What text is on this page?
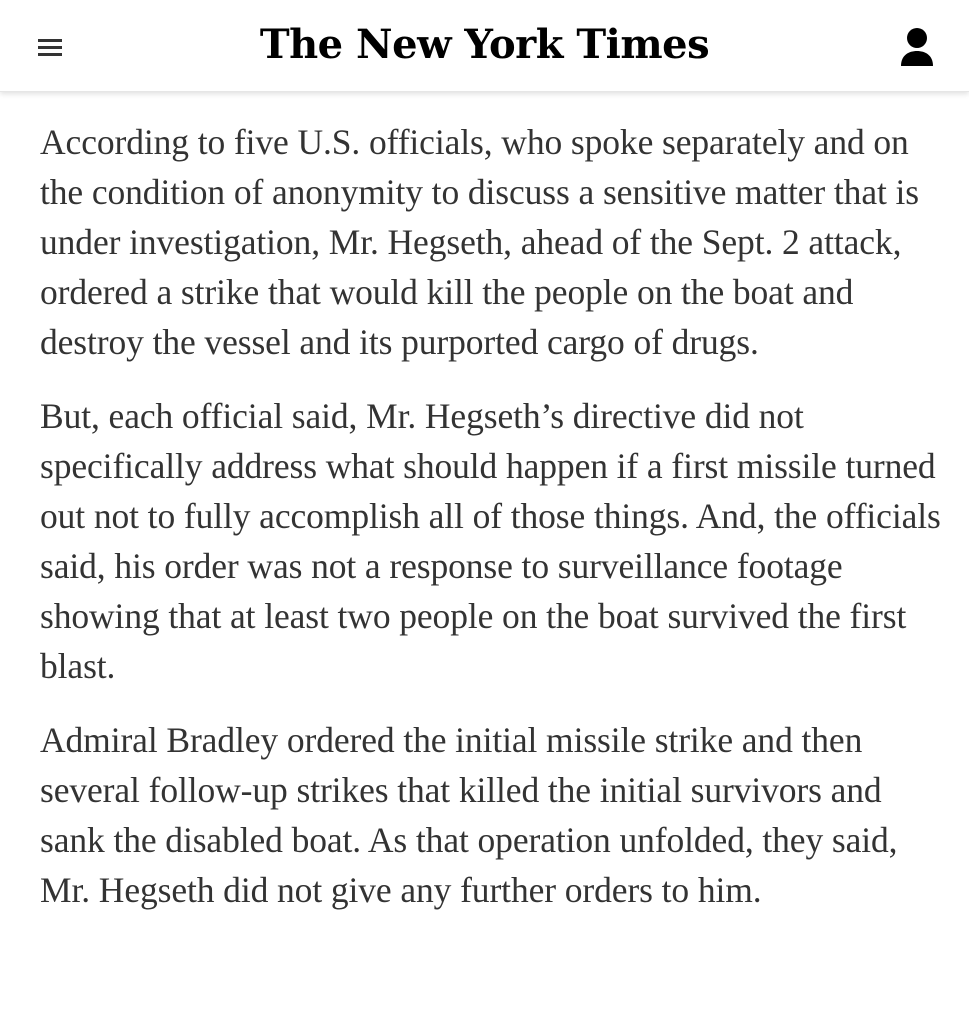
The New York Times

According to five U.S. officials, who spoke separately and on the condition of anonymity to discuss a sensitive matter that is under investigation, Mr. Hegseth, ahead of the Sept. 2 attack, ordered a strike that would kill the people on the boat and destroy the vessel and its purported cargo of drugs.

But, each official said, Mr. Hegseth’s directive did not specifically address what should happen if a first missile turned out not to fully accomplish all of those things. And, the officials said, his order was not a response to surveillance footage showing that at least two people on the boat survived the first blast.

Admiral Bradley ordered the initial missile strike and then several follow-up strikes that killed the initial survivors and sank the disabled boat. As that operation unfolded, they said, Mr. Hegseth did not give any further orders to him.
